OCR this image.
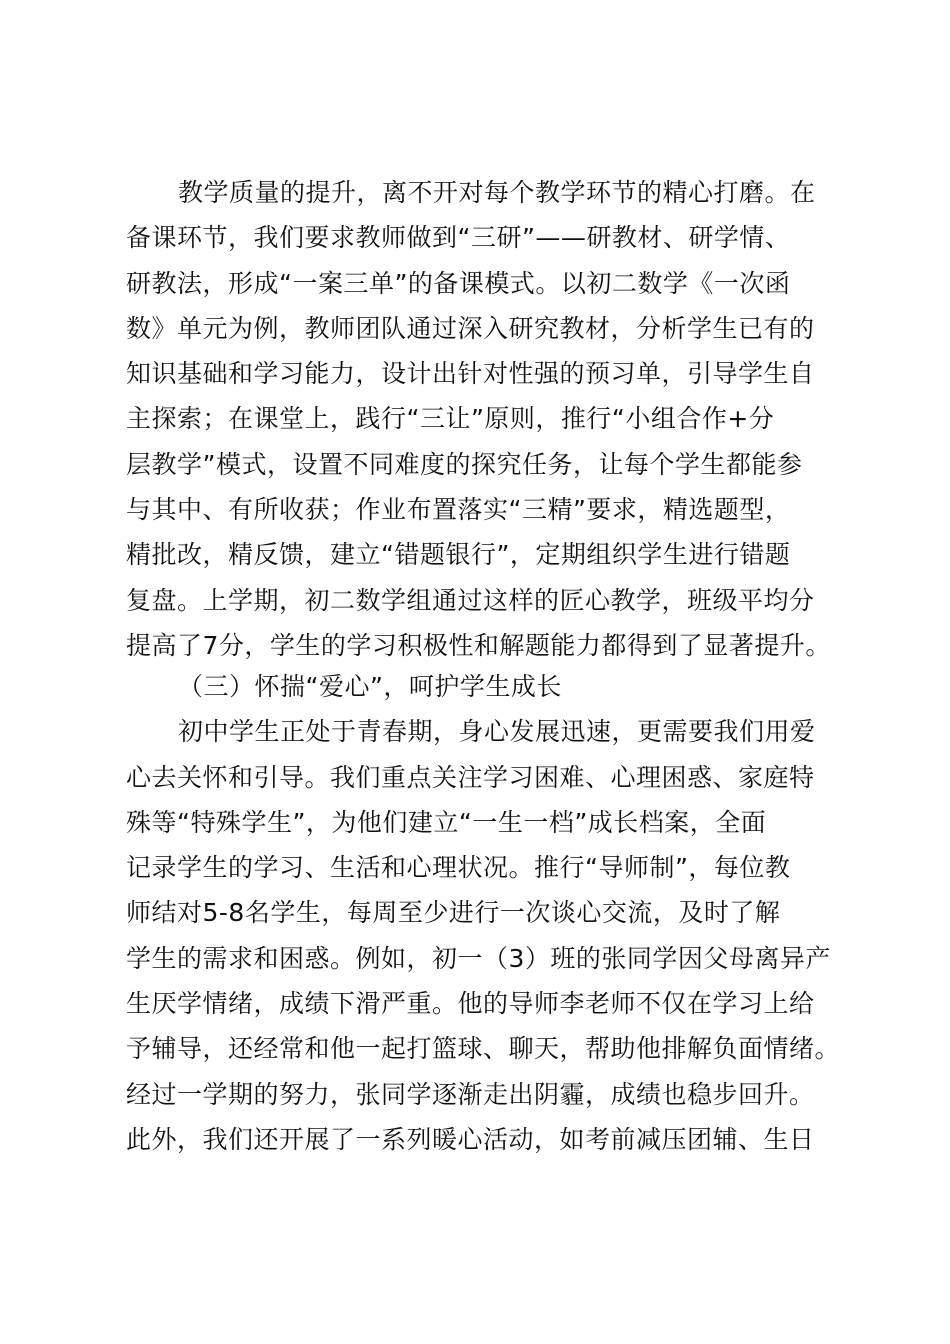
教学质量的提升，离不开对每个教学环节的精心打磨。在
备课环节，我们要求教师做到“三研”——研教材、研学情、
研教法，形成“一案三单”的备课模式。以初二数学《一次函
数》单元为例，教师团队通过深入研究教材，分析学生已有的
知识基础和学习能力，设计出针对性强的预习单，引导学生自
主探索；在课堂上，践行“三让”原则，推行“小组合作+分
层教学”模式，设置不同难度的探究任务，让每个学生都能参
与其中、有所收获；作业布置落实“三精”要求，精选题型，
精批改，精反馈，建立“错题银行”，定期组织学生进行错题
复盘。上学期，初二数学组通过这样的匠心教学，班级平均分
提高了7分，学生的学习积极性和解题能力都得到了显著提升。
（三）怀揣“爱心”，呵护学生成长
初中学生正处于青春期，身心发展迅速，更需要我们用爱
心去关怀和引导。我们重点关注学习困难、心理困惑、家庭特
殊等“特殊学生”，为他们建立“一生一档”成长档案，全面
记录学生的学习、生活和心理状况。推行“导师制”，每位教
师结对5-8名学生，每周至少进行一次谈心交流，及时了解
学生的需求和困惑。例如，初一（3）班的张同学因父母离异产
生厌学情绪，成绩下滑严重。他的导师李老师不仅在学习上给
予辅导，还经常和他一起打篮球、聊天，帮助他排解负面情绪。
经过一学期的努力，张同学逐渐走出阴霾，成绩也稳步回升。
此外，我们还开展了一系列暖心活动，如考前减压团辅、生日
